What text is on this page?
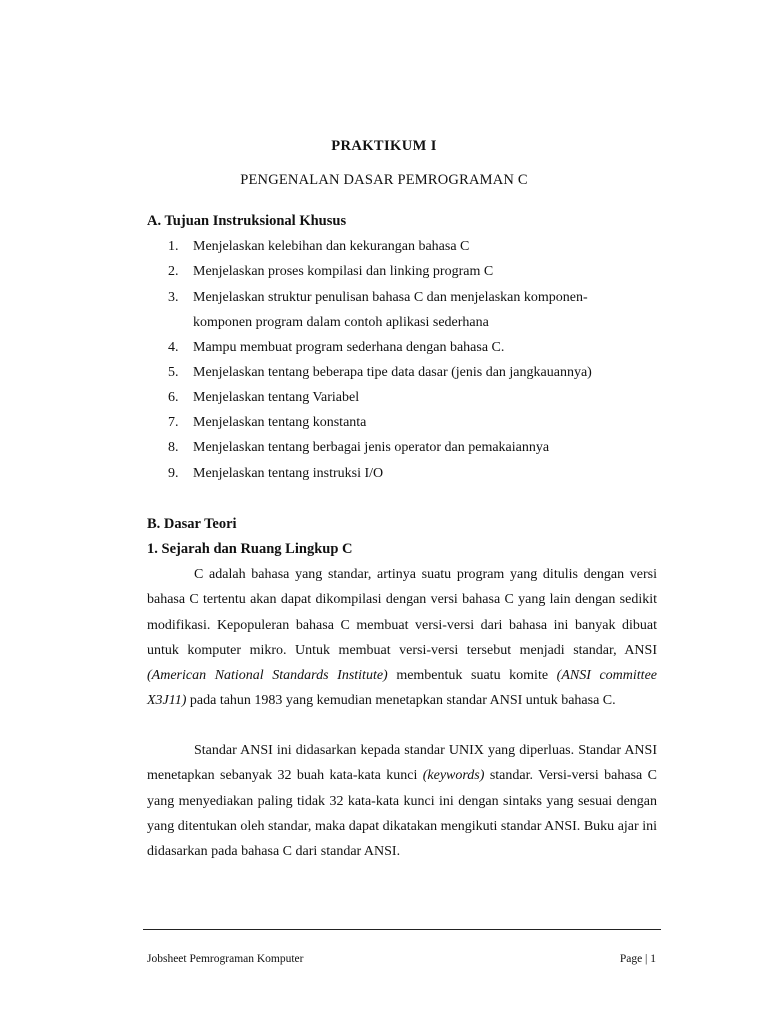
PRAKTIKUM I
PENGENALAN DASAR PEMROGRAMAN C
A. Tujuan Instruksional Khusus
1. Menjelaskan kelebihan dan kekurangan bahasa C
2. Menjelaskan proses kompilasi dan linking program C
3. Menjelaskan struktur penulisan bahasa C dan menjelaskan komponen-
komponen program dalam contoh aplikasi sederhana
4. Mampu membuat program sederhana dengan bahasa C.
5. Menjelaskan tentang beberapa tipe data dasar (jenis dan jangkauannya)
6. Menjelaskan tentang Variabel
7. Menjelaskan tentang konstanta
8. Menjelaskan tentang berbagai jenis operator dan pemakaiannya
9. Menjelaskan tentang instruksi I/O
B. Dasar Teori
1. Sejarah dan Ruang Lingkup C
C adalah bahasa yang standar, artinya suatu program yang ditulis dengan versi bahasa C tertentu akan dapat dikompilasi dengan versi bahasa C yang lain dengan sedikit modifikasi. Kepopuleran bahasa C membuat versi-versi dari bahasa ini banyak dibuat untuk komputer mikro. Untuk membuat versi-versi tersebut menjadi standar, ANSI (American National Standards Institute) membentuk suatu komite (ANSI committee X3J11) pada tahun 1983 yang kemudian menetapkan standar ANSI untuk bahasa C.
Standar ANSI ini didasarkan kepada standar UNIX yang diperluas. Standar ANSI menetapkan sebanyak 32 buah kata-kata kunci (keywords) standar. Versi-versi bahasa C yang menyediakan paling tidak 32 kata-kata kunci ini dengan sintaks yang sesuai dengan yang ditentukan oleh standar, maka dapat dikatakan mengikuti standar ANSI. Buku ajar ini didasarkan pada bahasa C dari standar ANSI.
Jobsheet Pemrograman Komputer	Page | 1
